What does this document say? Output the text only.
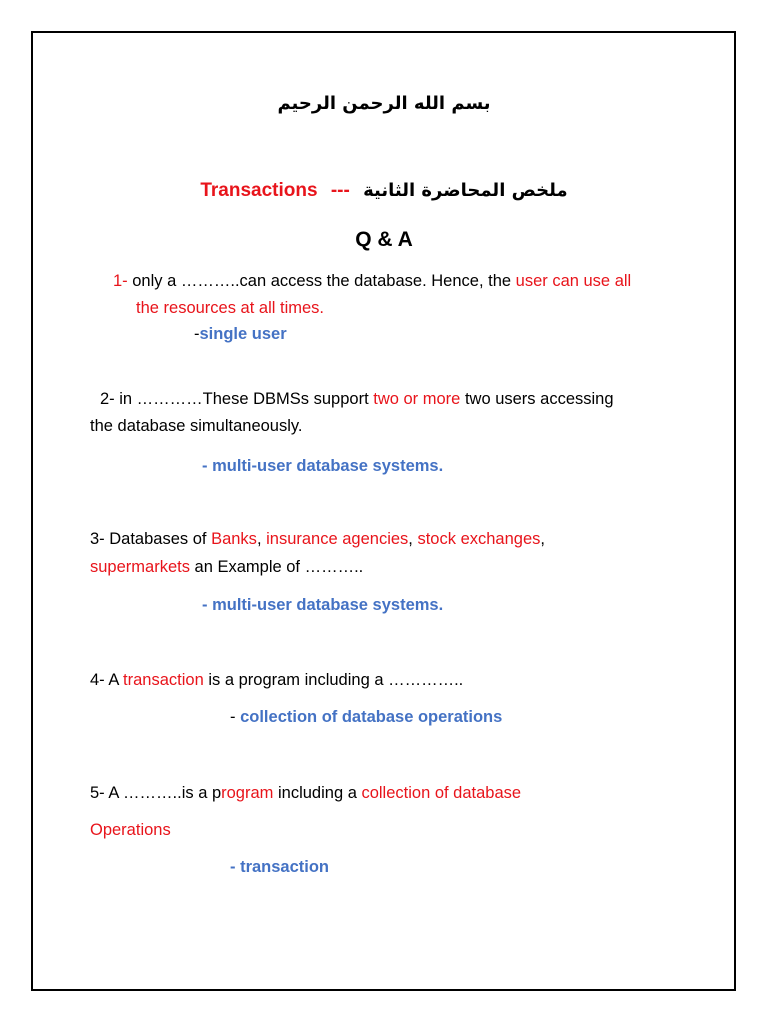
بسم الله الرحمن الرحيم
Transactions --- ملخص المحاضرة الثانية
Q & A
1- only a ………..can access the database. Hence, the user can use all
the resources at all times.
-single user
2- in …………These DBMSs support two or more two users accessing
the database simultaneously.
- multi-user database systems.
3- Databases of Banks, insurance agencies, stock exchanges,
supermarkets an Example of ………..
- multi-user database systems.
4- A transaction is a program including a …………..
- collection of database operations
5- A ………..is a program including a collection of database
Operations
- transaction
